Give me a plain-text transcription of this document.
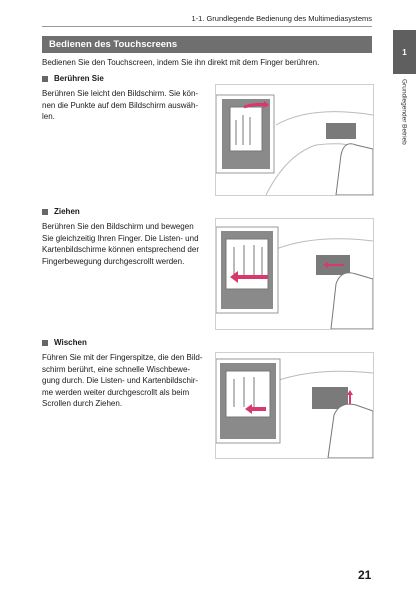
1-1. Grundlegende Bedienung des Multimediasystems
1
Grundlegender Betrieb
Bedienen des Touchscreens
Bedienen Sie den Touchscreen, indem Sie ihn direkt mit dem Finger berühren.
Berühren Sie
Berühren Sie leicht den Bildschirm. Sie kön-
nen die Punkte auf dem Bildschirm auswäh-
len.
Ziehen
Berühren Sie den Bildschirm und bewegen
Sie gleichzeitig Ihren Finger. Die Listen- und
Kartenbildschirme können entsprechend der
Fingerbewegung durchgescrollt werden.
Wischen
Führen Sie mit der Fingerspitze, die den Bild-
schirm berührt, eine schnelle Wischbewe-
gung durch. Die Listen- und Kartenbildschir-
me werden weiter durchgescrollt als beim
Scrollen durch Ziehen.
21
